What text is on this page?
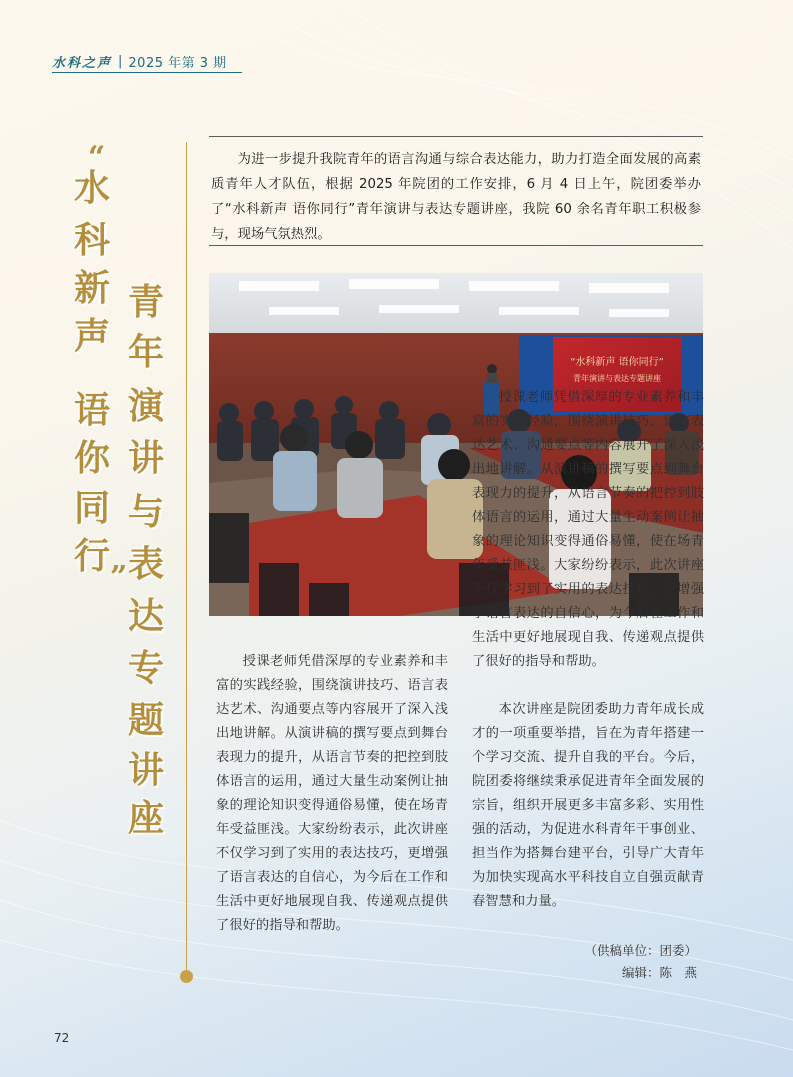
水科之声 | 2025 年第 3 期
“
水
科
新
声
语
你
同
行
”
青
年
演
讲
与
表
达
专
题
讲
座

为进一步提升我院青年的语言沟通与综合表达能力，助力打造全面发展的高素质青年人才队伍，根据 2025 年院团的工作安排，6 月 4 日上午，院团委举办了“水科新声 语你同行”青年演讲与表达专题讲座，我院 60 余名青年职工积极参与，现场气氛热烈。

“水科新声 语你同行”
青年演讲与表达专题讲座

授课老师凭借深厚的专业素养和丰富的实践经验，围绕演讲技巧、语言表达艺术、沟通要点等内容展开了深入浅出地讲解。从演讲稿的撰写要点到舞台表现力的提升，从语言节奏的把控到肢体语言的运用，通过大量生动案例让抽象的理论知识变得通俗易懂，使在场青年受益匪浅。大家纷纷表示，此次讲座不仅学习到了实用的表达技巧，更增强了语言表达的自信心，为今后在工作和生活中更好地展现自我、传递观点提供了很好的指导和帮助。

授课老师凭借深厚的专业素养和丰富的实践经验，围绕演讲技巧、语言表达艺术、沟通要点等内容展开了深入浅出地讲解。从演讲稿的撰写要点到舞台表现力的提升，从语言节奏的把控到肢体语言的运用，通过大量生动案例让抽象的理论知识变得通俗易懂，使在场青年受益匪浅。大家纷纷表示，此次讲座不仅学习到了实用的表达技巧，更增强了语言表达的自信心，为今后在工作和生活中更好地展现自我、传递观点提供了很好的指导和帮助。

本次讲座是院团委助力青年成长成才的一项重要举措，旨在为青年搭建一个学习交流、提升自我的平台。今后，院团委将继续秉承促进青年全面发展的宗旨，组织开展更多丰富多彩、实用性强的活动，为促进水科青年干事创业、担当作为搭舞台建平台，引导广大青年为加快实现高水平科技自立自强贡献青春智慧和力量。

（供稿单位：团委）
编辑：陈　燕
72
